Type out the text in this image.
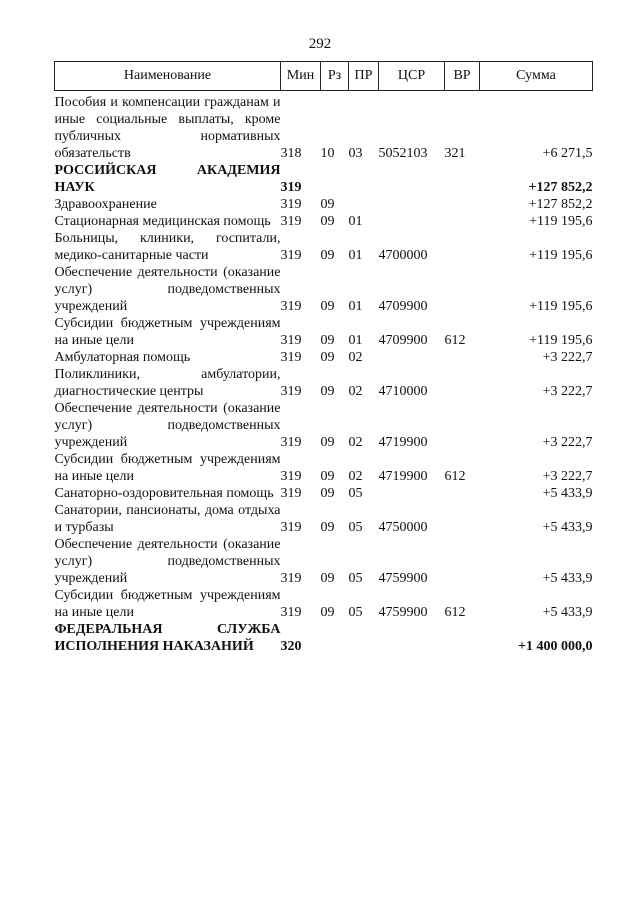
292
Наименование	Мин	Рз	ПР	ЦСР	ВР	Сумма
Пособия и компенсации гражданам и иные социальные выплаты, кроме публичных нормативных обязательств	318	10	03	5052103	321	+6 271,5
РОССИЙСКАЯ АКАДЕМИЯ НАУК	319					+127 852,2
Здравоохранение	319	09				+127 852,2
Стационарная медицинская помощь	319	09	01			+119 195,6
Больницы, клиники, госпитали, медико-санитарные части	319	09	01	4700000		+119 195,6
Обеспечение деятельности (оказание услуг) подведомственных учреждений	319	09	01	4709900		+119 195,6
Субсидии бюджетным учреждениям на иные цели	319	09	01	4709900	612	+119 195,6
Амбулаторная помощь	319	09	02			+3 222,7
Поликлиники, амбулатории, диагностические центры	319	09	02	4710000		+3 222,7
Обеспечение деятельности (оказание услуг) подведомственных учреждений	319	09	02	4719900		+3 222,7
Субсидии бюджетным учреждениям на иные цели	319	09	02	4719900	612	+3 222,7
Санаторно-оздоровительная помощь	319	09	05			+5 433,9
Санатории, пансионаты, дома отдыха и турбазы	319	09	05	4750000		+5 433,9
Обеспечение деятельности (оказание услуг) подведомственных учреждений	319	09	05	4759900		+5 433,9
Субсидии бюджетным учреждениям на иные цели	319	09	05	4759900	612	+5 433,9
ФЕДЕРАЛЬНАЯ СЛУЖБА ИСПОЛНЕНИЯ НАКАЗАНИЙ	320					+1 400 000,0
